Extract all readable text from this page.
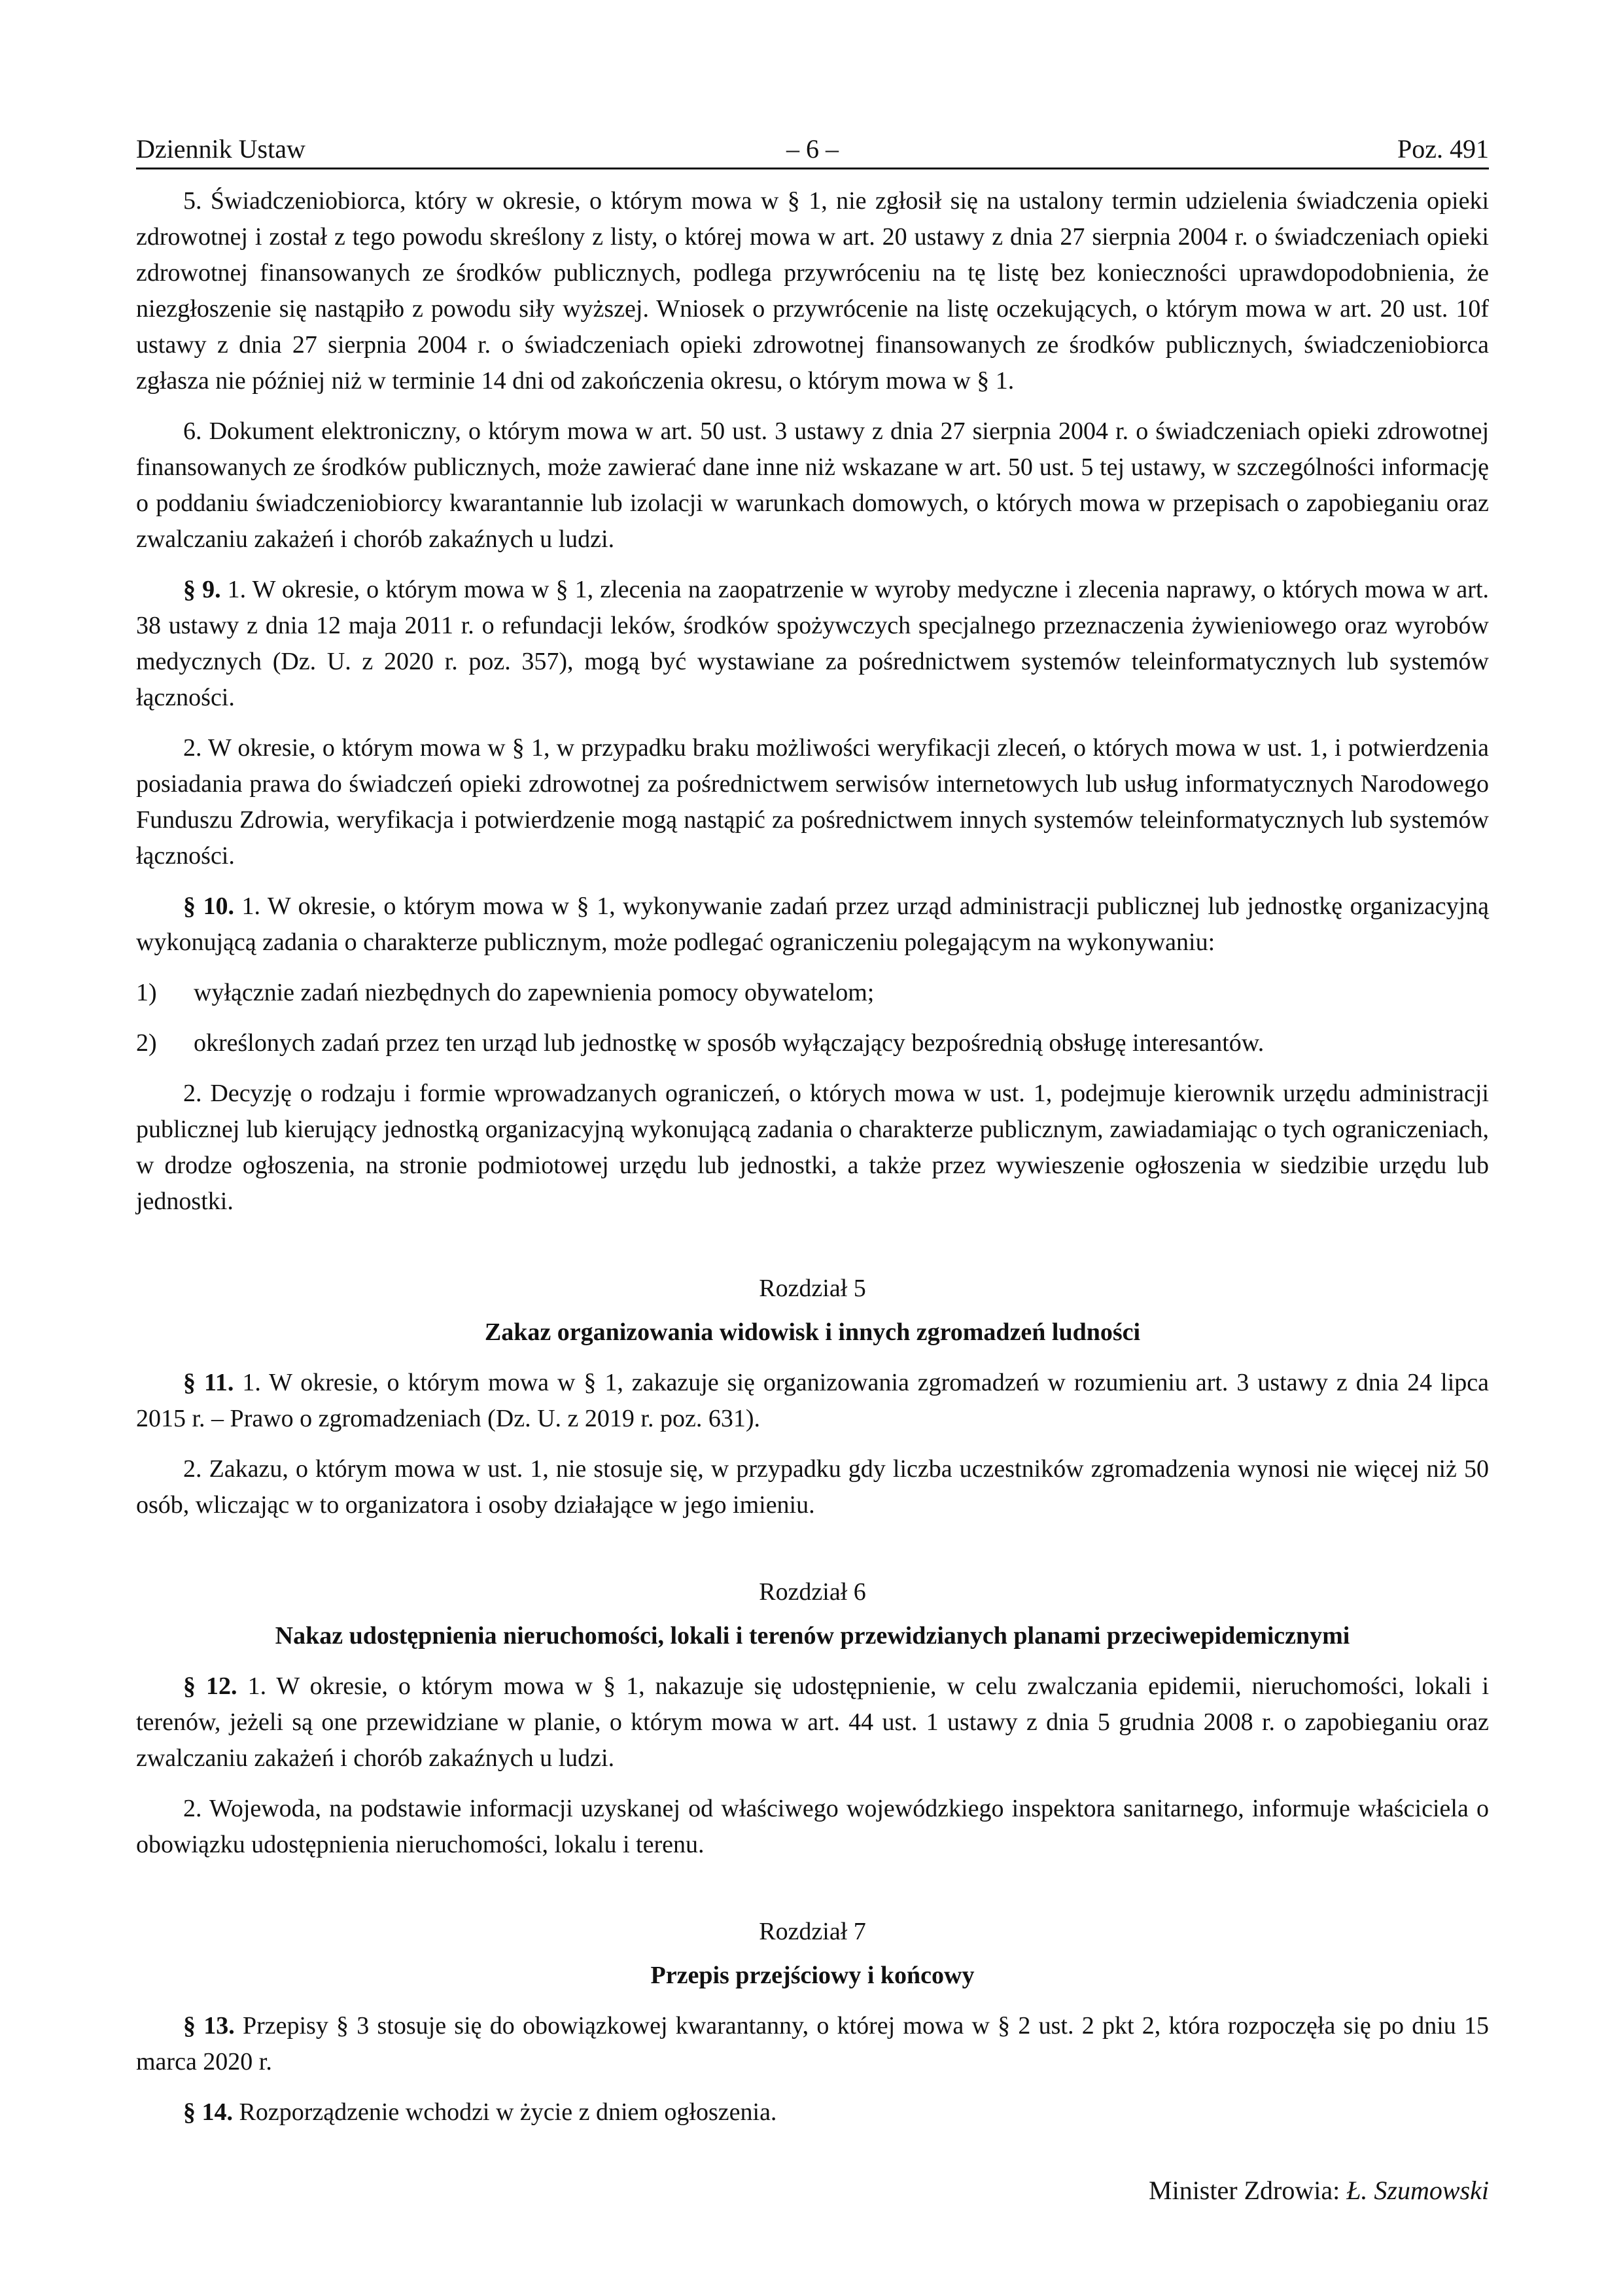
Dziennik Ustaw	– 6 –	Poz. 491

5. Świadczeniobiorca, który w okresie, o którym mowa w § 1, nie zgłosił się na ustalony termin udzielenia świadczenia opieki zdrowotnej i został z tego powodu skreślony z listy, o której mowa w art. 20 ustawy z dnia 27 sierpnia 2004 r. o świadczeniach opieki zdrowotnej finansowanych ze środków publicznych, podlega przywróceniu na tę listę bez konieczności uprawdopodobnienia, że niezgłoszenie się nastąpiło z powodu siły wyższej. Wniosek o przywrócenie na listę oczekujących, o którym mowa w art. 20 ust. 10f ustawy z dnia 27 sierpnia 2004 r. o świadczeniach opieki zdrowotnej finansowanych ze środków publicznych, świadczeniobiorca zgłasza nie później niż w terminie 14 dni od zakończenia okresu, o którym mowa w § 1.

6. Dokument elektroniczny, o którym mowa w art. 50 ust. 3 ustawy z dnia 27 sierpnia 2004 r. o świadczeniach opieki zdrowotnej finansowanych ze środków publicznych, może zawierać dane inne niż wskazane w art. 50 ust. 5 tej ustawy, w szczególności informację o poddaniu świadczeniobiorcy kwarantannie lub izolacji w warunkach domowych, o których mowa w przepisach o zapobieganiu oraz zwalczaniu zakażeń i chorób zakaźnych u ludzi.

§ 9. 1. W okresie, o którym mowa w § 1, zlecenia na zaopatrzenie w wyroby medyczne i zlecenia naprawy, o których mowa w art. 38 ustawy z dnia 12 maja 2011 r. o refundacji leków, środków spożywczych specjalnego przeznaczenia żywieniowego oraz wyrobów medycznych (Dz. U. z 2020 r. poz. 357), mogą być wystawiane za pośrednictwem systemów teleinformatycznych lub systemów łączności.

2. W okresie, o którym mowa w § 1, w przypadku braku możliwości weryfikacji zleceń, o których mowa w ust. 1, i potwierdzenia posiadania prawa do świadczeń opieki zdrowotnej za pośrednictwem serwisów internetowych lub usług informatycznych Narodowego Funduszu Zdrowia, weryfikacja i potwierdzenie mogą nastąpić za pośrednictwem innych systemów teleinformatycznych lub systemów łączności.

§ 10. 1. W okresie, o którym mowa w § 1, wykonywanie zadań przez urząd administracji publicznej lub jednostkę organizacyjną wykonującą zadania o charakterze publicznym, może podlegać ograniczeniu polegającym na wykonywaniu:

1) wyłącznie zadań niezbędnych do zapewnienia pomocy obywatelom;
2) określonych zadań przez ten urząd lub jednostkę w sposób wyłączający bezpośrednią obsługę interesantów.

2. Decyzję o rodzaju i formie wprowadzanych ograniczeń, o których mowa w ust. 1, podejmuje kierownik urzędu administracji publicznej lub kierujący jednostką organizacyjną wykonującą zadania o charakterze publicznym, zawiadamiając o tych ograniczeniach, w drodze ogłoszenia, na stronie podmiotowej urzędu lub jednostki, a także przez wywieszenie ogłoszenia w siedzibie urzędu lub jednostki.

Rozdział 5
Zakaz organizowania widowisk i innych zgromadzeń ludności

§ 11. 1. W okresie, o którym mowa w § 1, zakazuje się organizowania zgromadzeń w rozumieniu art. 3 ustawy z dnia 24 lipca 2015 r. – Prawo o zgromadzeniach (Dz. U. z 2019 r. poz. 631).

2. Zakazu, o którym mowa w ust. 1, nie stosuje się, w przypadku gdy liczba uczestników zgromadzenia wynosi nie więcej niż 50 osób, wliczając w to organizatora i osoby działające w jego imieniu.

Rozdział 6
Nakaz udostępnienia nieruchomości, lokali i terenów przewidzianych planami przeciwepidemicznymi

§ 12. 1. W okresie, o którym mowa w § 1, nakazuje się udostępnienie, w celu zwalczania epidemii, nieruchomości, lokali i terenów, jeżeli są one przewidziane w planie, o którym mowa w art. 44 ust. 1 ustawy z dnia 5 grudnia 2008 r. o zapobieganiu oraz zwalczaniu zakażeń i chorób zakaźnych u ludzi.

2. Wojewoda, na podstawie informacji uzyskanej od właściwego wojewódzkiego inspektora sanitarnego, informuje właściciela o obowiązku udostępnienia nieruchomości, lokalu i terenu.

Rozdział 7
Przepis przejściowy i końcowy

§ 13. Przepisy § 3 stosuje się do obowiązkowej kwarantanny, o której mowa w § 2 ust. 2 pkt 2, która rozpoczęła się po dniu 15 marca 2020 r.

§ 14. Rozporządzenie wchodzi w życie z dniem ogłoszenia.

Minister Zdrowia: Ł. Szumowski
